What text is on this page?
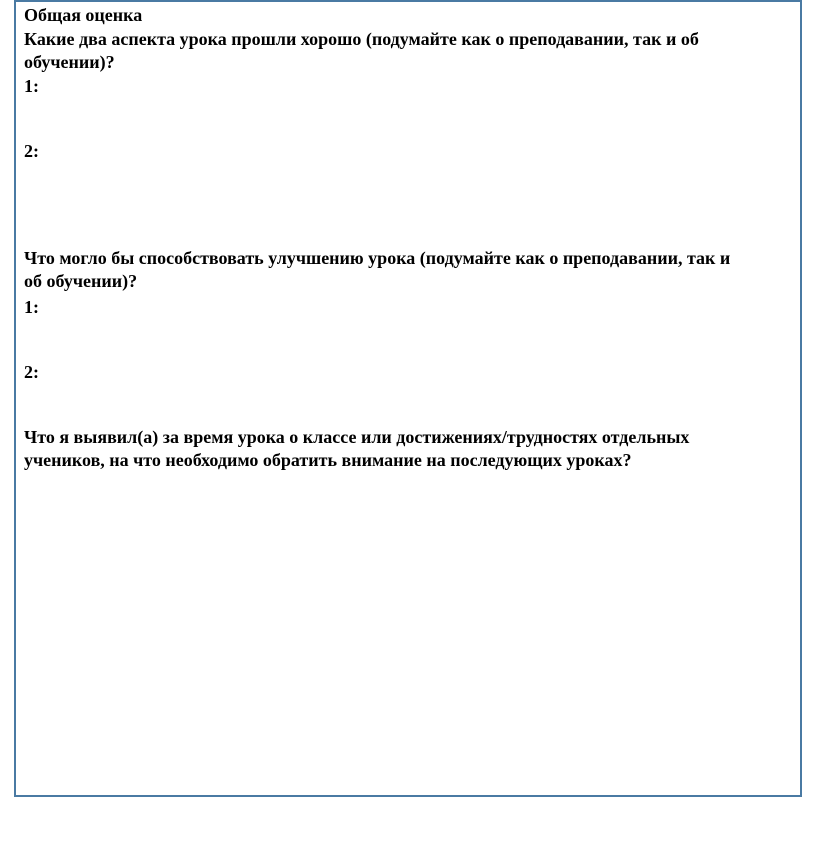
Общая оценка
Какие два аспекта урока прошли хорошо (подумайте как о преподавании, так и об
обучении)?
1:
2:
Что могло бы способствовать улучшению урока (подумайте как о преподавании, так и
об обучении)?
1:
2:
Что я выявил(а) за время урока о классе или достижениях/трудностях отдельных
учеников, на что необходимо обратить внимание на последующих уроках?
